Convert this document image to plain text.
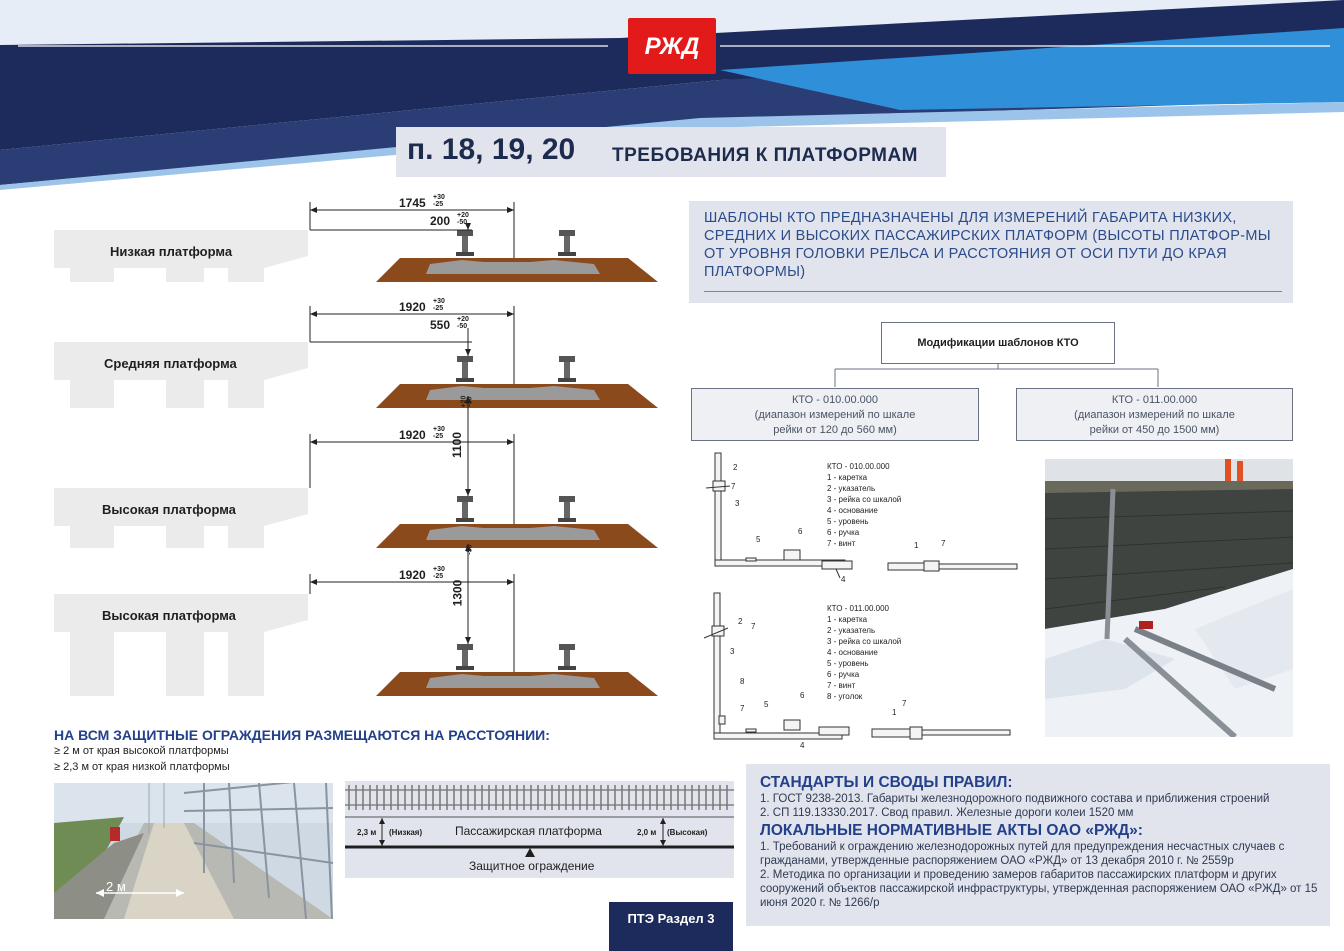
РЖД
п. 18, 19, 20 ТРЕБОВАНИЯ К ПЛАТФОРМАМ
Низкая платформа
1745 +30
-25
200 +20
-50
Средняя платформа
1920 +30
-25
550 +20
-50
Высокая платформа
1920 +30
-25 1100
+20 -50
Высокая платформа
1920 +30
-25
1300
-50
ШАБЛОНЫ КТО ПРЕДНАЗНАЧЕНЫ ДЛЯ ИЗМЕРЕНИЙ ГАБАРИТА НИЗКИХ, СРЕДНИХ И ВЫСОКИХ ПАССАЖИРСКИХ ПЛАТФОРМ (ВЫСОТЫ ПЛАТФОР-МЫ ОТ УРОВНЯ ГОЛОВКИ РЕЛЬСА И РАССТОЯНИЯ ОТ ОСИ ПУТИ ДО КРАЯ ПЛАТФОРМЫ)
Модификации шаблонов КТО
КТО - 010.00.000
(диапазон измерений по шкале
рейки от 120 до 560 мм)
КТО - 011.00.000
(диапазон измерений по шкале
рейки от 450 до 1500 мм)
2
7
3
5
6
4
1	7
2
7
3
8
7 5
6
4
1
7
КТО - 010.00.000
1 - каретка
2 - указатель
3 - рейка со шкалой
4 - основание
5 - уровень
6 - ручка
7 - винт
КТО - 011.00.000
1 - каретка
2 - указатель
3 - рейка со шкалой
4 - основание
5 - уровень
6 - ручка
7 - винт
8 - уголок
НА ВСМ ЗАЩИТНЫЕ ОГРАЖДЕНИЯ РАЗМЕЩАЮТСЯ НА РАССТОЯНИИ:
≥ 2 м от края высокой платформы
≥ 2,3 м от края низкой платформы
2 м
2,3 м (Низкая)	Пассажирская платформа	2,0 м (Высокая)
Защитное ограждение
СТАНДАРТЫ И СВОДЫ ПРАВИЛ:
1. ГОСТ 9238-2013. Габариты железнодорожного подвижного состава и приближения строений
2. СП 119.13330.2017. Свод правил. Железные дороги колеи 1520 мм
ЛОКАЛЬНЫЕ НОРМАТИВНЫЕ АКТЫ ОАО «РЖД»:
1. Требований к ограждению железнодорожных путей для предупреждения несчастных случаев с гражданами, утвержденные распоряжением ОАО «РЖД» от 13 декабря 2010 г. № 2559р
2. Методика по организации и проведению замеров габаритов пассажирских платформ и других сооружений объектов пассажирской инфраструктуры, утвержденная распоряжением ОАО «РЖД» от 15 июня 2020 г. № 1266/р
ПТЭ Раздел 3
